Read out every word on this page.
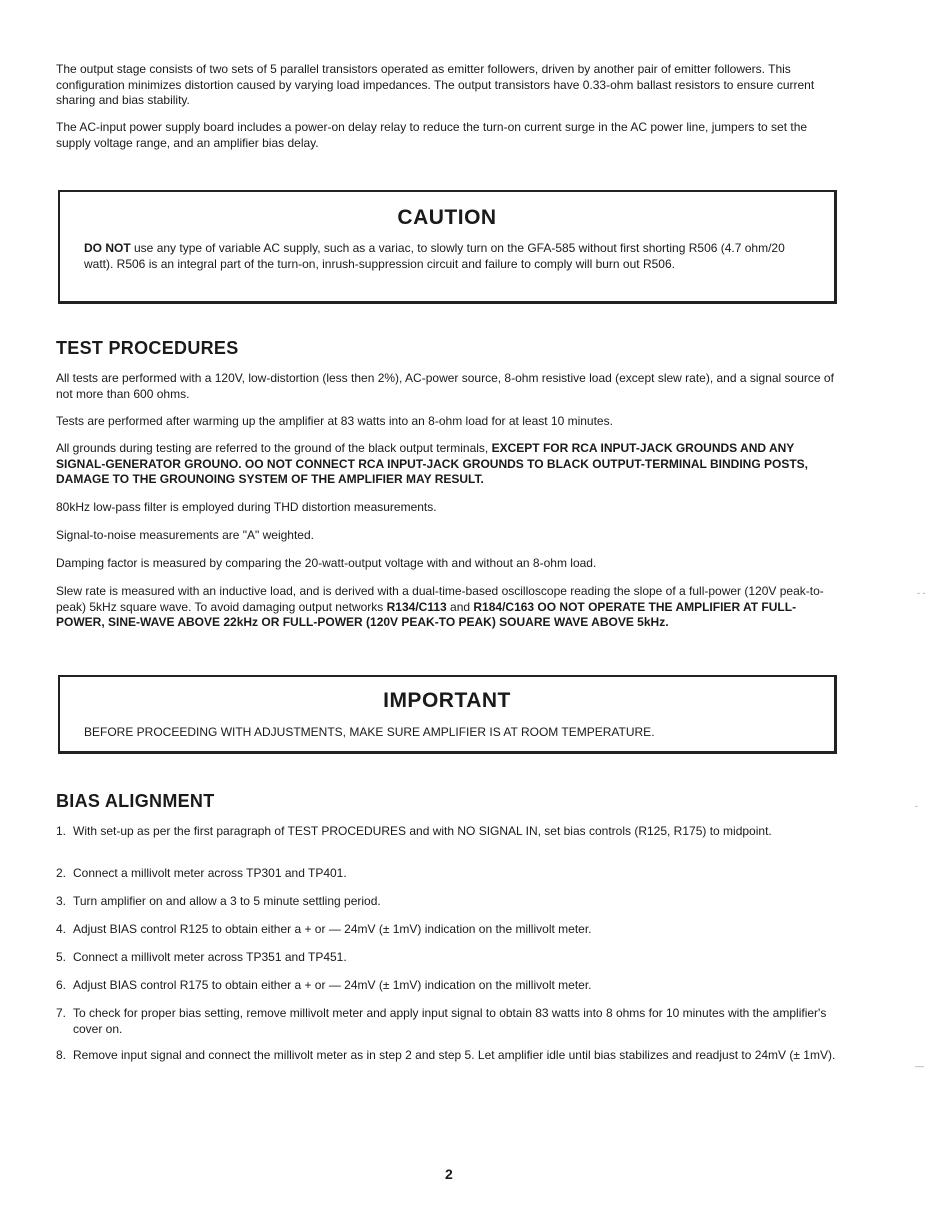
The output stage consists of two sets of 5 parallel transistors operated as emitter followers, driven by another pair of emitter followers. This configuration minimizes distortion caused by varying load impedances. The output transistors have 0.33-ohm ballast resistors to ensure current sharing and bias stability.

The AC-input power supply board includes a power-on delay relay to reduce the turn-on current surge in the AC power line, jumpers to set the supply voltage range, and an amplifier bias delay.

CAUTION

DO NOT use any type of variable AC supply, such as a variac, to slowly turn on the GFA-585 without first shorting R506 (4.7 ohm/20 watt). R506 is an integral part of the turn-on, inrush-suppression circuit and failure to comply will burn out R506.

TEST PROCEDURES

All tests are performed with a 120V, low-distortion (less then 2%), AC-power source, 8-ohm resistive load (except slew rate), and a signal source of not more than 600 ohms.

Tests are performed after warming up the amplifier at 83 watts into an 8-ohm load for at least 10 minutes.

All grounds during testing are referred to the ground of the black output terminals, EXCEPT FOR RCA INPUT-JACK GROUNDS AND ANY SIGNAL-GENERATOR GROUNO. OO NOT CONNECT RCA INPUT-JACK GROUNDS TO BLACK OUTPUT-TERMINAL BINDING POSTS, DAMAGE TO THE GROUNOING SYSTEM OF THE AMPLIFIER MAY RESULT.

80kHz low-pass filter is employed during THD distortion measurements.

Signal-to-noise measurements are "A" weighted.

Damping factor is measured by comparing the 20-watt-output voltage with and without an 8-ohm load.

Slew rate is measured with an inductive load, and is derived with a dual-time-based oscilloscope reading the slope of a full-power (120V peak-to-peak) 5kHz square wave. To avoid damaging output networks R134/C113 and R184/C163 OO NOT OPERATE THE AMPLIFIER AT FULL-POWER, SINE-WAVE ABOVE 22kHz OR FULL-POWER (120V PEAK-TO PEAK) SOUARE WAVE ABOVE 5kHz.

IMPORTANT

BEFORE PROCEEDING WITH ADJUSTMENTS, MAKE SURE AMPLIFIER IS AT ROOM TEMPERATURE.

BIAS ALIGNMENT
1. With set-up as per the first paragraph of TEST PROCEDURES and with NO SIGNAL IN, set bias controls (R125, R175) to midpoint.
2. Connect a millivolt meter across TP301 and TP401.
3. Turn amplifier on and allow a 3 to 5 minute settling period.
4. Adjust BIAS control R125 to obtain either a + or — 24mV (± 1mV) indication on the millivolt meter.
5. Connect a millivolt meter across TP351 and TP451.
6. Adjust BIAS control R175 to obtain either a + or — 24mV (± 1mV) indication on the millivolt meter.
7. To check for proper bias setting, remove millivolt meter and apply input signal to obtain 83 watts into 8 ohms for 10 minutes with the amplifier's cover on.
8. Remove input signal and connect the millivolt meter as in step 2 and step 5. Let amplifier idle until bias stabilizes and readjust to 24mV (± 1mV).
2
- -
-
—
